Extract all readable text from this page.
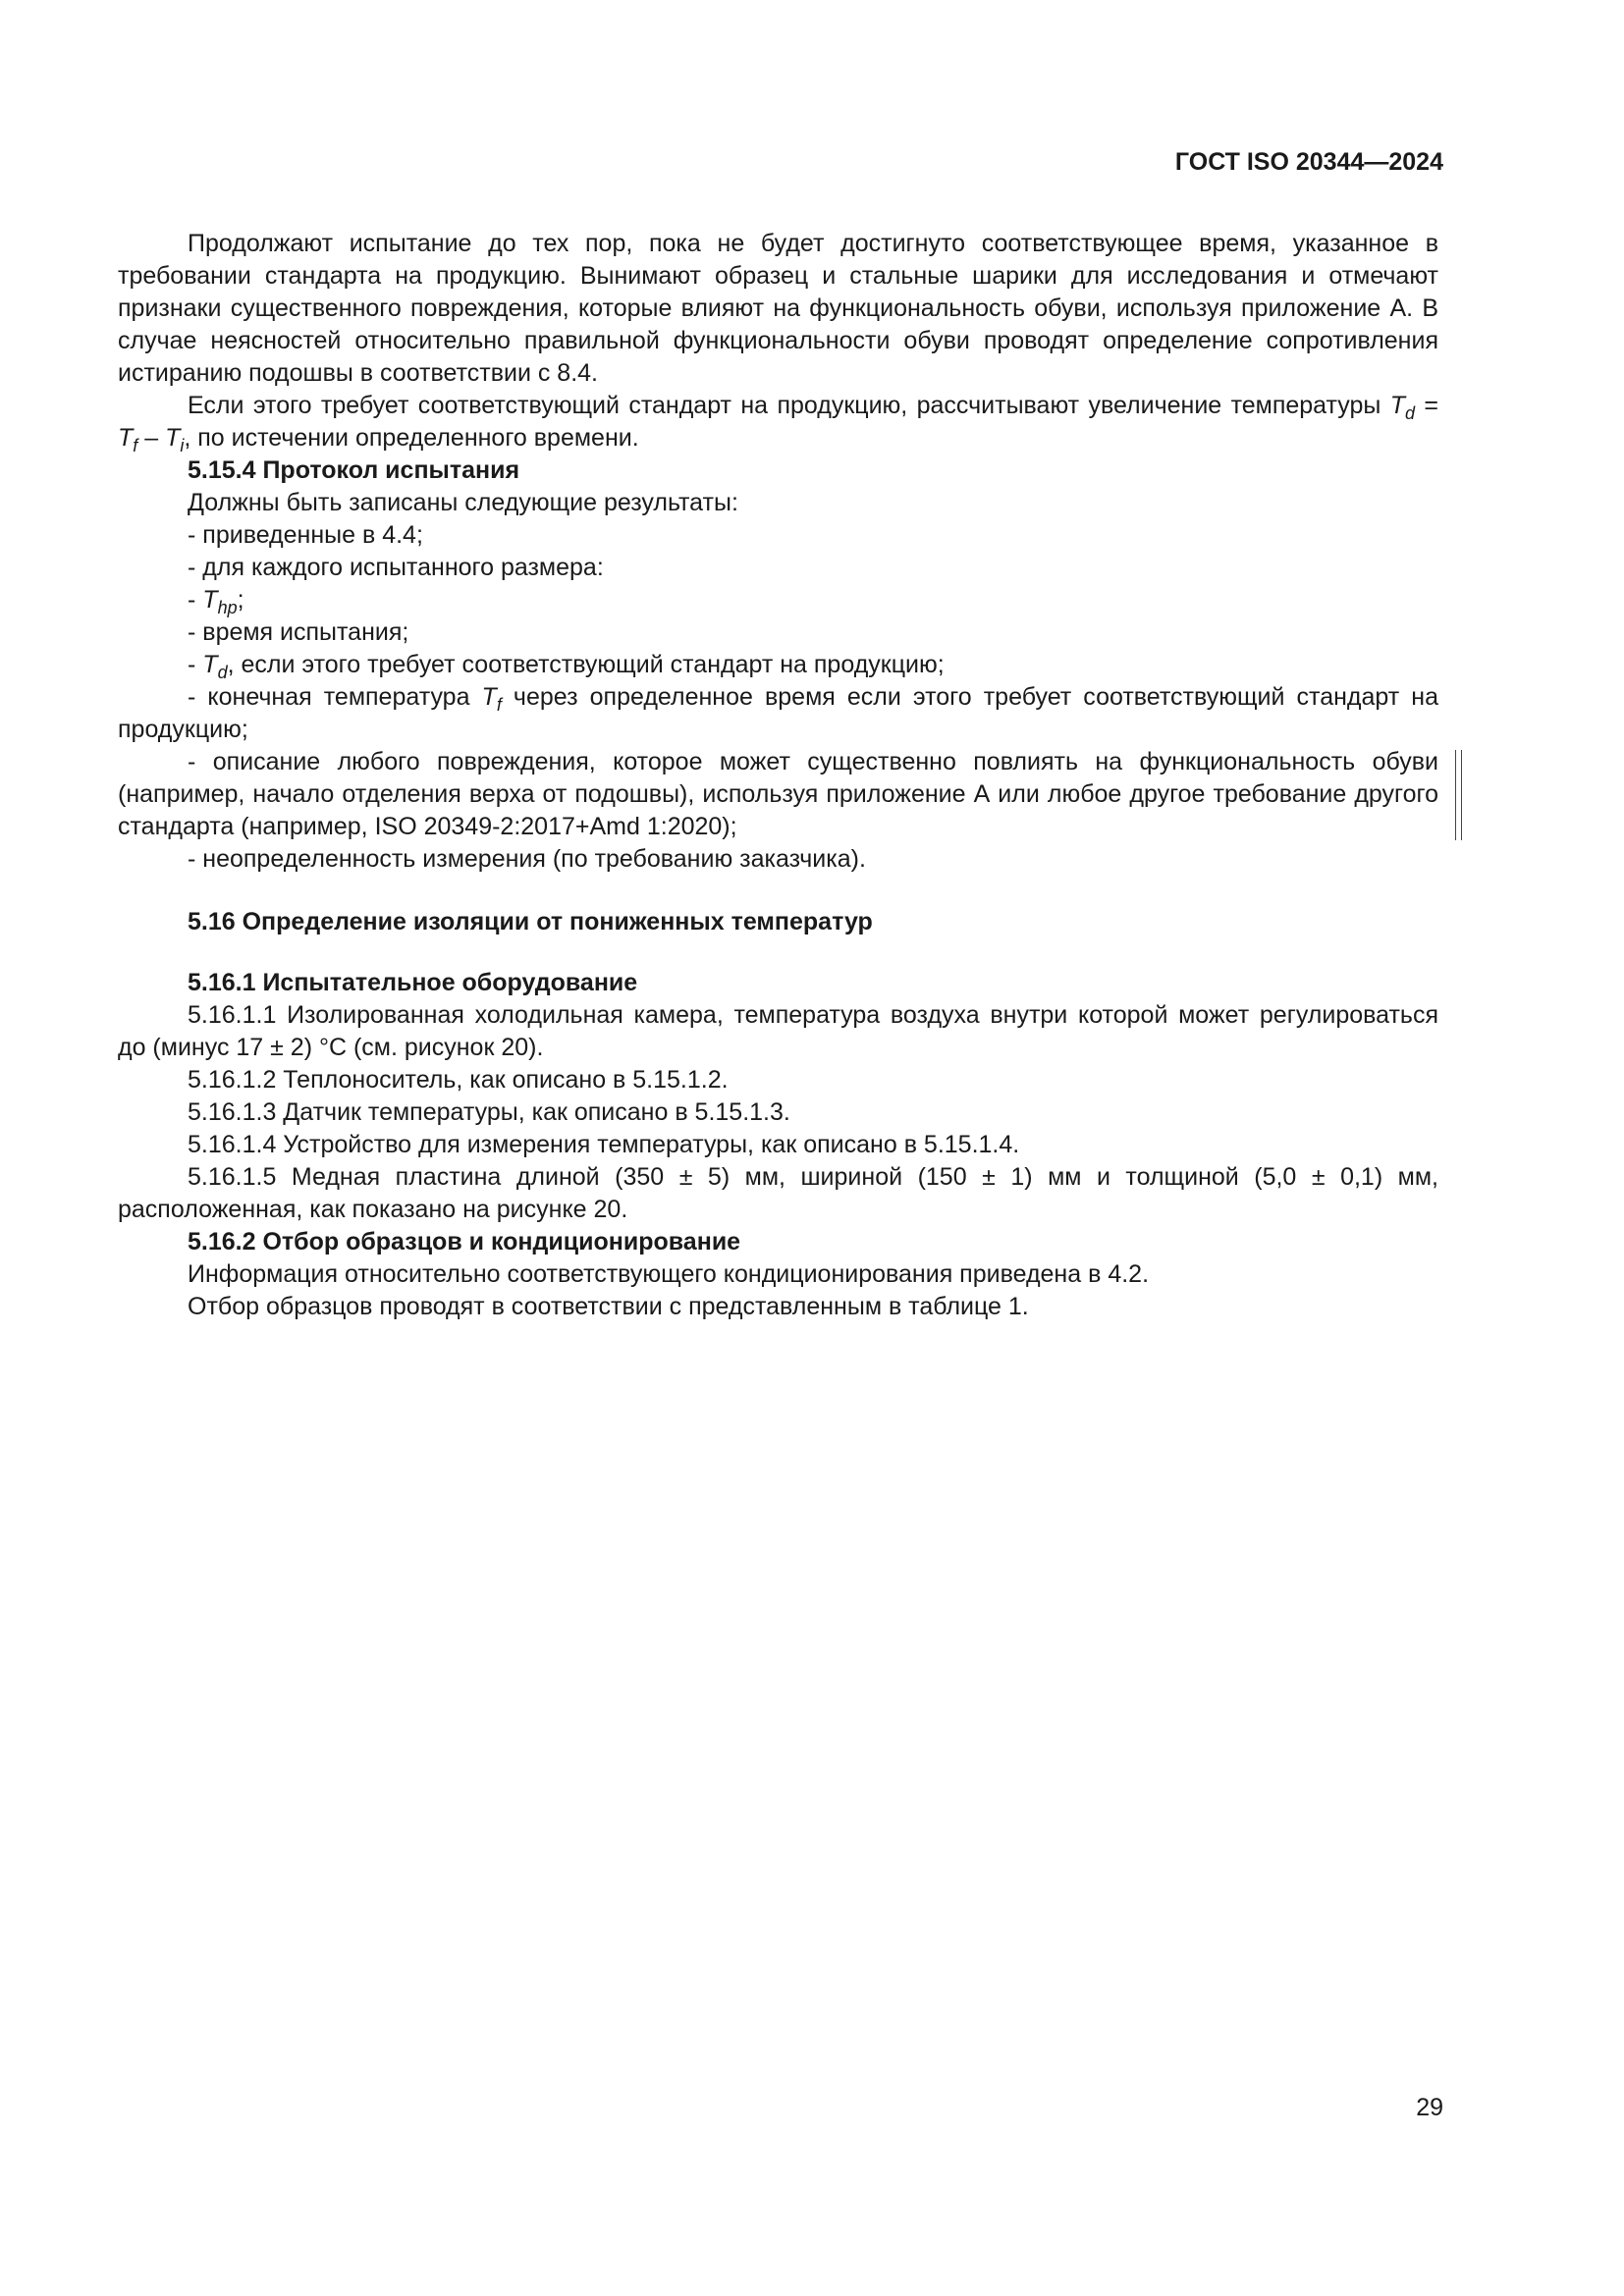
ГОСТ ISO 20344—2024

Продолжают испытание до тех пор, пока не будет достигнуто соответствующее время, указанное в требовании стандарта на продукцию. Вынимают образец и стальные шарики для исследования и отмечают признаки существенного повреждения, которые влияют на функциональность обуви, используя приложение А. В случае неясностей относительно правильной функциональности обуви проводят определение сопротивления истиранию подошвы в соответствии с 8.4.

Если этого требует соответствующий стандарт на продукцию, рассчитывают увеличение температуры $T_d = T_f - T_i$, по истечении определенного времени.

5.15.4 Протокол испытания

Должны быть записаны следующие результаты:

- приведенные в 4.4;

- для каждого испытанного размера:

- $T_{hp}$;

- время испытания;

- $T_d$, если этого требует соответствующий стандарт на продукцию;

- конечная температура $T_f$ через определенное время если этого требует соответствующий стандарт на продукцию;

- описание любого повреждения, которое может существенно повлиять на функциональность обуви (например, начало отделения верха от подошвы), используя приложение А или любое другое требование другого стандарта (например, ISO 20349-2:2017+Amd 1:2020);

- неопределенность измерения (по требованию заказчика).

5.16 Определение изоляции от пониженных температур

5.16.1 Испытательное оборудование

5.16.1.1 Изолированная холодильная камера, температура воздуха внутри которой может регулироваться до (минус 17 ± 2) °С (см. рисунок 20).

5.16.1.2 Теплоноситель, как описано в 5.15.1.2.

5.16.1.3 Датчик температуры, как описано в 5.15.1.3.

5.16.1.4 Устройство для измерения температуры, как описано в 5.15.1.4.

5.16.1.5 Медная пластина длиной (350 ± 5) мм, шириной (150 ± 1) мм и толщиной (5,0 ± 0,1) мм, расположенная, как показано на рисунке 20.

5.16.2 Отбор образцов и кондиционирование

Информация относительно соответствующего кондиционирования приведена в 4.2.

Отбор образцов проводят в соответствии с представленным в таблице 1.

29
